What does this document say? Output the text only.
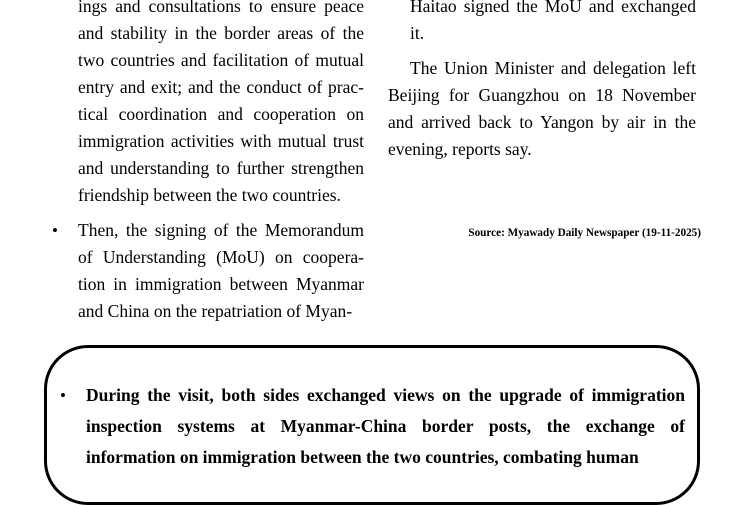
ings and consultations to ensure peace and stability in the border areas of the two countries and facilitation of mutual entry and exit; and the conduct of prac-tical coordination and cooperation on immigration activities with mutual trust and understanding to further strengthen friendship between the two countries.

•	Then, the signing of the Memorandum of Understanding (MoU) on coopera-tion in immigration between Myanmar and China on the repatriation of Myan-

Haitao signed the MoU and exchanged it.

The Union Minister and delegation left Beijing for Guangzhou on 18 November and arrived back to Yangon by air in the evening, reports say.

Source: Myawady Daily Newspaper (19-11-2025)
• During the visit, both sides exchanged views on the upgrade of immigration inspection systems at Myanmar-China border posts, the exchange of information on immigration between the two countries, combating human
